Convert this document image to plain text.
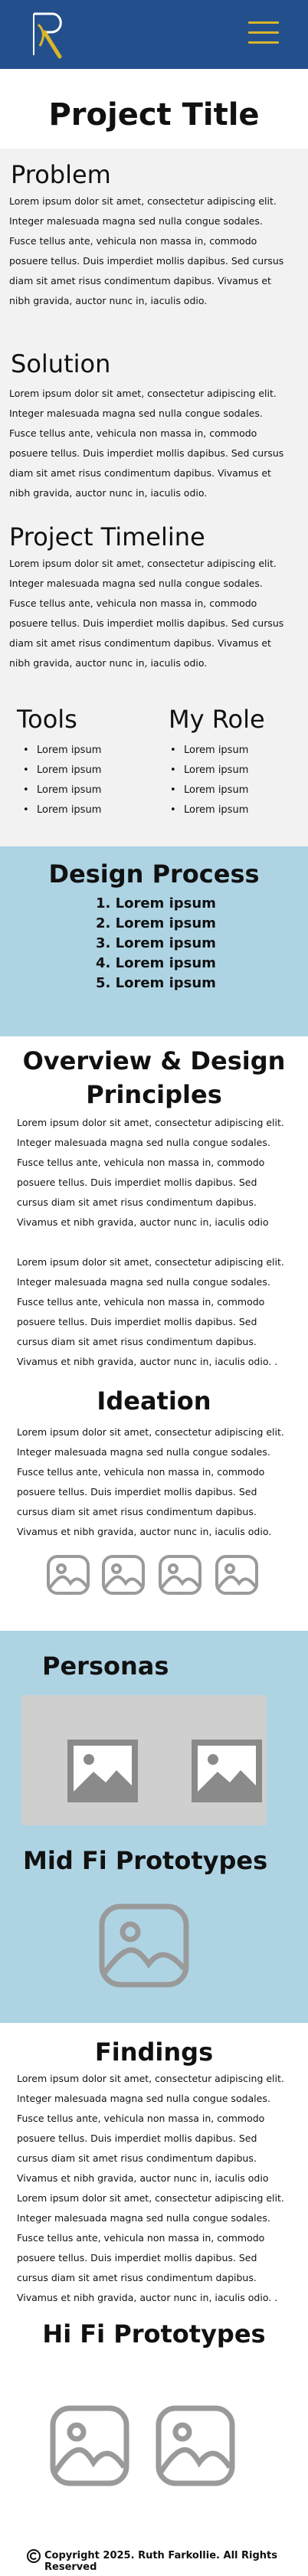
Project Title
Problem

Lorem ipsum dolor sit amet, consectetur adipiscing elit. Integer malesuada magna sed nulla congue sodales. Fusce tellus ante, vehicula non massa in, commodo posuere tellus. Duis imperdiet mollis dapibus. Sed cursus diam sit amet risus condimentum dapibus. Vivamus et nibh gravida, auctor nunc in, iaculis odio.

Solution

Lorem ipsum dolor sit amet, consectetur adipiscing elit. Integer malesuada magna sed nulla congue sodales. Fusce tellus ante, vehicula non massa in, commodo posuere tellus. Duis imperdiet mollis dapibus. Sed cursus diam sit amet risus condimentum dapibus. Vivamus et nibh gravida, auctor nunc in, iaculis odio.

Project Timeline

Lorem ipsum dolor sit amet, consectetur adipiscing elit. Integer malesuada magna sed nulla congue sodales. Fusce tellus ante, vehicula non massa in, commodo posuere tellus. Duis imperdiet mollis dapibus. Sed cursus diam sit amet risus condimentum dapibus. Vivamus et nibh gravida, auctor nunc in, iaculis odio.

Tools
• Lorem ipsum
• Lorem ipsum
• Lorem ipsum
• Lorem ipsum
My Role
• Lorem ipsum
• Lorem ipsum
• Lorem ipsum
• Lorem ipsum
Design Process
1. Lorem ipsum
2. Lorem ipsum
3. Lorem ipsum
4. Lorem ipsum
5. Lorem ipsum
Overview & Design Principles

Lorem ipsum dolor sit amet, consectetur adipiscing elit. Integer malesuada magna sed nulla congue sodales. Fusce tellus ante, vehicula non massa in, commodo posuere tellus. Duis imperdiet mollis dapibus. Sed cursus diam sit amet risus condimentum dapibus. Vivamus et nibh gravida, auctor nunc in, iaculis odio

Lorem ipsum dolor sit amet, consectetur adipiscing elit. Integer malesuada magna sed nulla congue sodales. Fusce tellus ante, vehicula non massa in, commodo posuere tellus. Duis imperdiet mollis dapibus. Sed cursus diam sit amet risus condimentum dapibus. Vivamus et nibh gravida, auctor nunc in, iaculis odio. .

Ideation

Lorem ipsum dolor sit amet, consectetur adipiscing elit. Integer malesuada magna sed nulla congue sodales. Fusce tellus ante, vehicula non massa in, commodo posuere tellus. Duis imperdiet mollis dapibus. Sed cursus diam sit amet risus condimentum dapibus. Vivamus et nibh gravida, auctor nunc in, iaculis odio.

Personas
Mid Fi Prototypes
Findings

Lorem ipsum dolor sit amet, consectetur adipiscing elit. Integer malesuada magna sed nulla congue sodales. Fusce tellus ante, vehicula non massa in, commodo posuere tellus. Duis imperdiet mollis dapibus. Sed cursus diam sit amet risus condimentum dapibus. Vivamus et nibh gravida, auctor nunc in, iaculis odio

Lorem ipsum dolor sit amet, consectetur adipiscing elit. Integer malesuada magna sed nulla congue sodales. Fusce tellus ante, vehicula non massa in, commodo posuere tellus. Duis imperdiet mollis dapibus. Sed cursus diam sit amet risus condimentum dapibus. Vivamus et nibh gravida, auctor nunc in, iaculis odio. .

Hi Fi Prototypes
Copyright 2025. Ruth Farkollie. All Rights Reserved
